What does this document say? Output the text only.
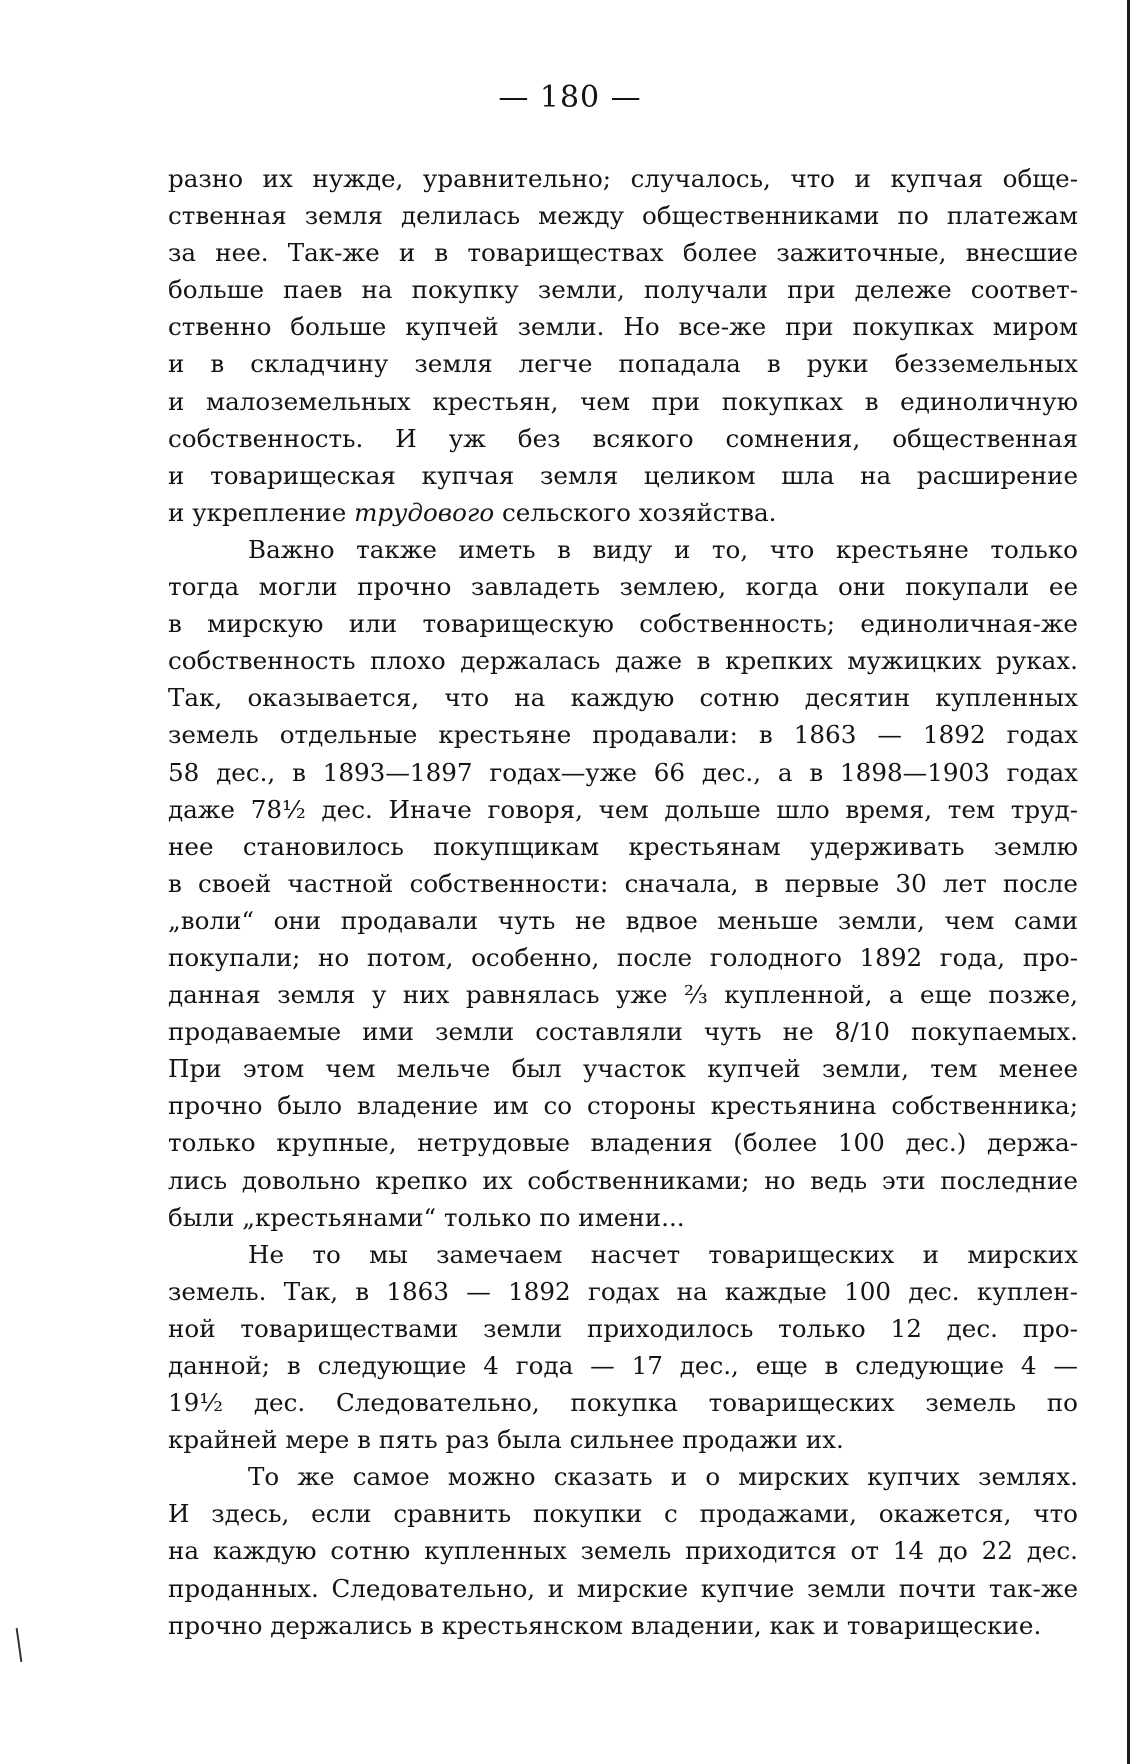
— 180 —
разно их нужде, уравнительно; случалось, что и купчая обще-
ственная земля делилась между общественниками по платежам
за нее. Так-же и в товариществах более зажиточные, внесшие
больше паев на покупку земли, получали при дележе соответ-
ственно больше купчей земли. Но все-же при покупках миром
и в складчину земля легче попадала в руки безземельных
и малоземельных крестьян, чем при покупках в единоличную
собственность. И уж без всякого сомнения, общественная
и товарищеская купчая земля целиком шла на расширение
и укрепление трудового сельского хозяйства.
Важно также иметь в виду и то, что крестьяне только
тогда могли прочно завладеть землею, когда они покупали ее
в мирскую или товарищескую собственность; единоличная-же
собственность плохо держалась даже в крепких мужицких руках.
Так, оказывается, что на каждую сотню десятин купленных
земель отдельные крестьяне продавали: в 1863 — 1892 годах
58 дес., в 1893—1897 годах—уже 66 дес., а в 1898—1903 годах
даже 78½ дес. Иначе говоря, чем дольше шло время, тем труд-
нее становилось покупщикам крестьянам удерживать землю
в своей частной собственности: сначала, в первые 30 лет после
„воли“ они продавали чуть не вдвое меньше земли, чем сами
покупали; но потом, особенно, после голодного 1892 года, про-
данная земля у них равнялась уже ⅔ купленной, а еще позже,
продаваемые ими земли составляли чуть не 8/10 покупаемых.
При этом чем мельче был участок купчей земли, тем менее
прочно было владение им со стороны крестьянина собственника;
только крупные, нетрудовые владения (более 100 дес.) держа-
лись довольно крепко их собственниками; но ведь эти последние
были „крестьянами“ только по имени...
Не то мы замечаем насчет товарищеских и мирских
земель. Так, в 1863 — 1892 годах на каждые 100 дес. куплен-
ной товариществами земли приходилось только 12 дес. про-
данной; в следующие 4 года — 17 дес., еще в следующие 4 —
19½ дес. Следовательно, покупка товарищеских земель по
крайней мере в пять раз была сильнее продажи их.
То же самое можно сказать и о мирских купчих землях.
И здесь, если сравнить покупки с продажами, окажется, что
на каждую сотню купленных земель приходится от 14 до 22 дес.
проданных. Следовательно, и мирские купчие земли почти так-же
прочно держались в крестьянском владении, как и товарищеские.
